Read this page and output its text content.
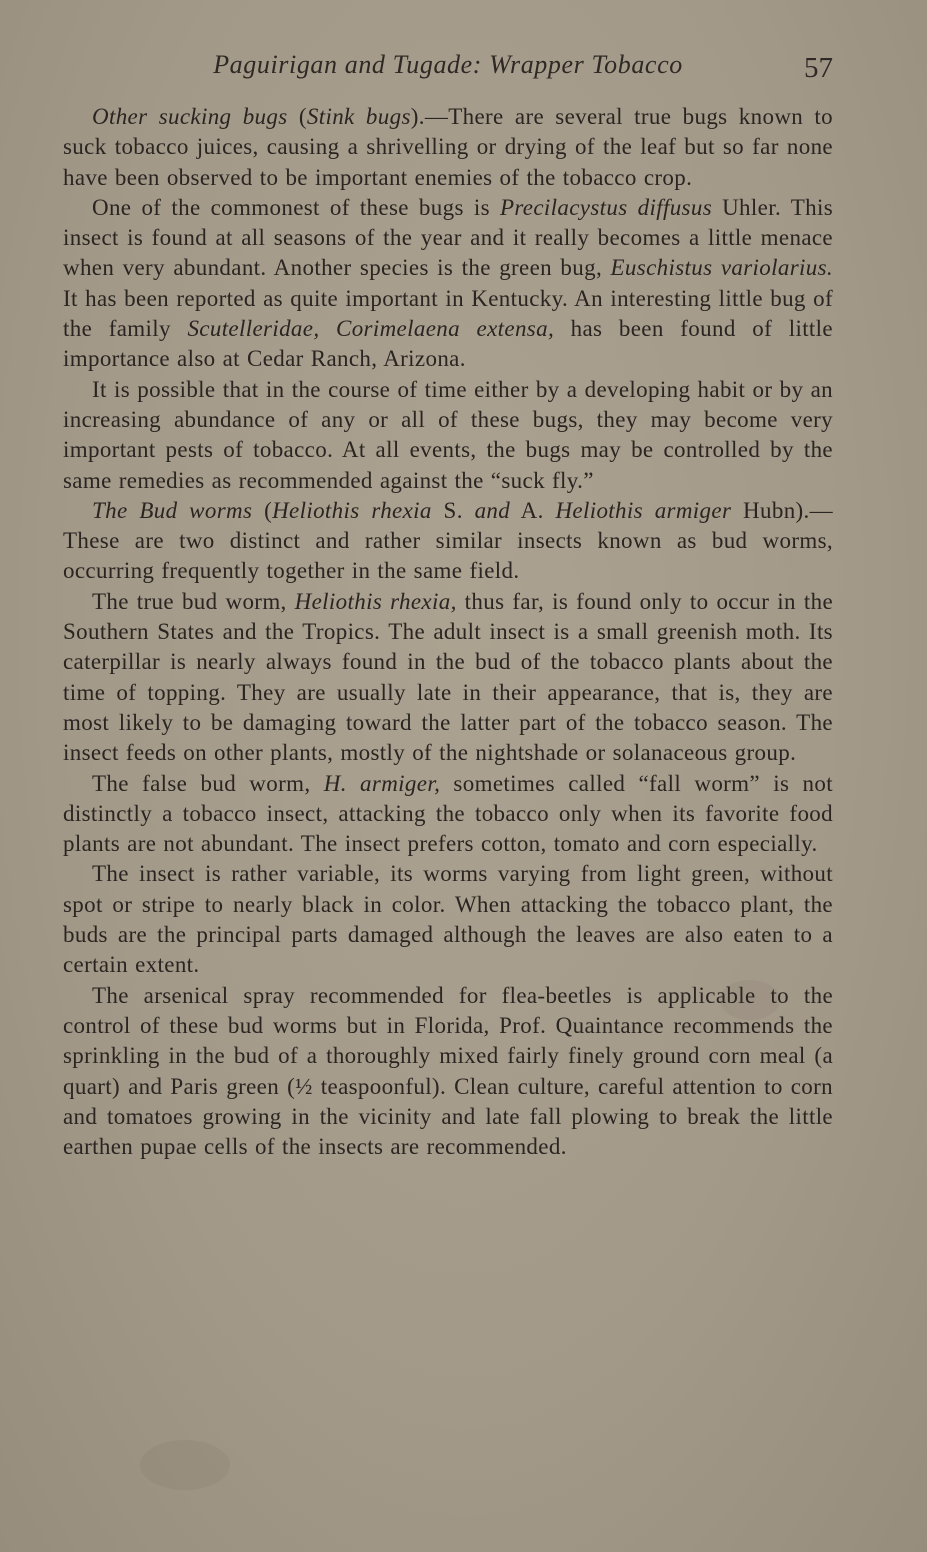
Paguirigan and Tugade: Wrapper Tobacco	57

Other sucking bugs (Stink bugs).—There are several true bugs known to suck tobacco juices, causing a shrivelling or drying of the leaf but so far none have been observed to be important enemies of the tobacco crop.

One of the commonest of these bugs is Precilacystus diffusus Uhler. This insect is found at all seasons of the year and it really becomes a little menace when very abundant. Another species is the green bug, Euschistus variolarius. It has been reported as quite important in Kentucky. An interesting little bug of the family Scutelleridae, Corimelaena extensa, has been found of little importance also at Cedar Ranch, Arizona.

It is possible that in the course of time either by a developing habit or by an increasing abundance of any or all of these bugs, they may become very important pests of tobacco. At all events, the bugs may be controlled by the same remedies as recommended against the “suck fly.”

The Bud worms (Heliothis rhexia S. and A. Heliothis armiger Hubn).—These are two distinct and rather similar insects known as bud worms, occurring frequently together in the same field.

The true bud worm, Heliothis rhexia, thus far, is found only to occur in the Southern States and the Tropics. The adult insect is a small greenish moth. Its caterpillar is nearly always found in the bud of the tobacco plants about the time of topping. They are usually late in their appearance, that is, they are most likely to be damaging toward the latter part of the tobacco season. The insect feeds on other plants, mostly of the nightshade or solanaceous group.

The false bud worm, H. armiger, sometimes called “fall worm” is not distinctly a tobacco insect, attacking the tobacco only when its favorite food plants are not abundant. The insect prefers cotton, tomato and corn especially.

The insect is rather variable, its worms varying from light green, without spot or stripe to nearly black in color. When attacking the tobacco plant, the buds are the principal parts damaged although the leaves are also eaten to a certain extent.

The arsenical spray recommended for flea-beetles is applicable to the control of these bud worms but in Florida, Prof. Quaintance recommends the sprinkling in the bud of a thoroughly mixed fairly finely ground corn meal (a quart) and Paris green (½ teaspoonful). Clean culture, careful attention to corn and tomatoes growing in the vicinity and late fall plowing to break the little earthen pupae cells of the insects are recommended.
